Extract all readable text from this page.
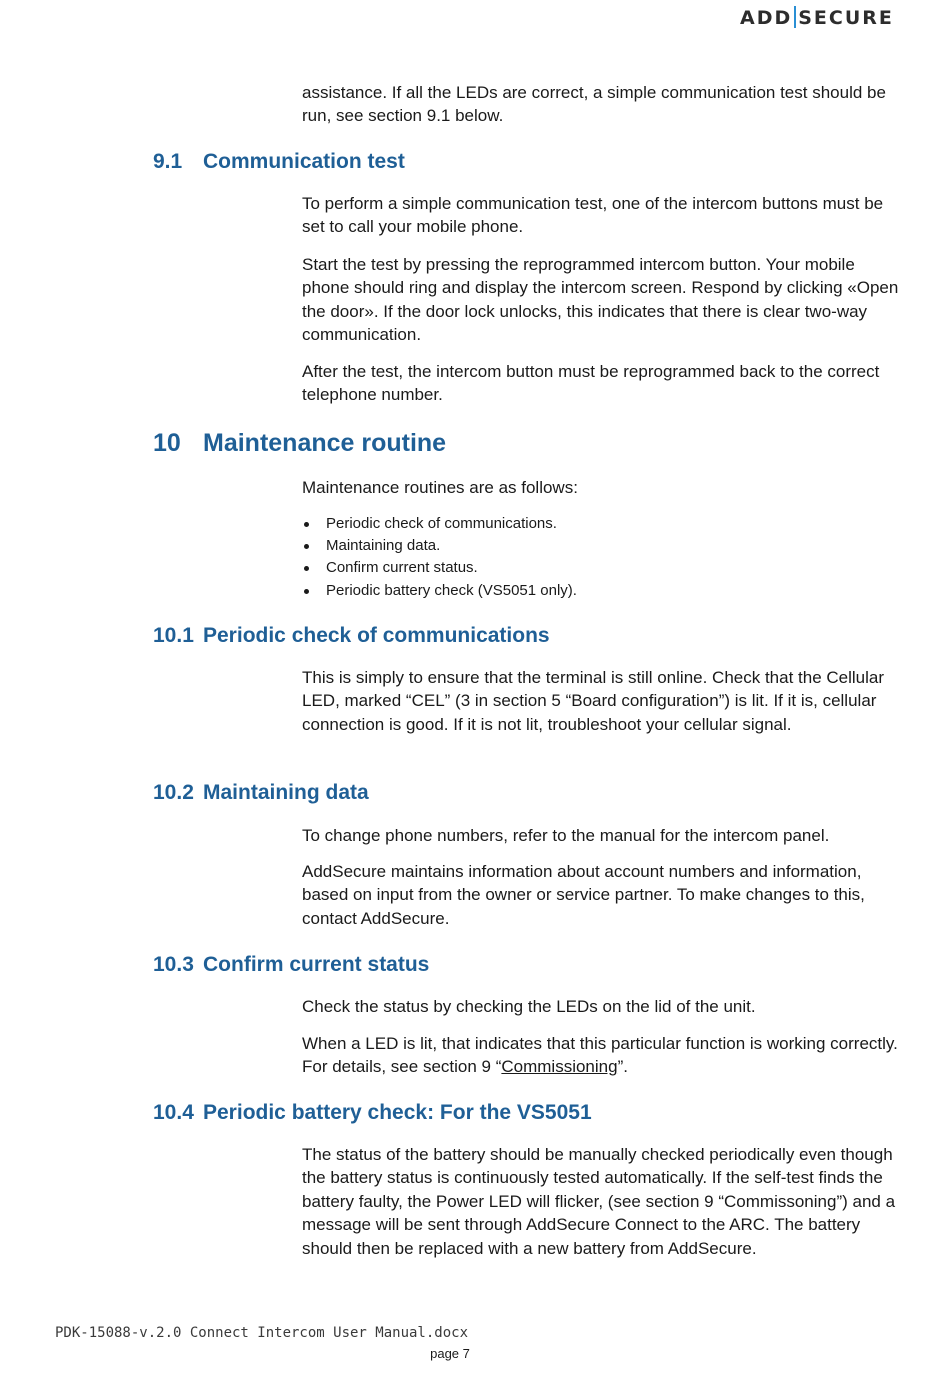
ADD SECURE
assistance. If all the LEDs are correct, a simple communication test should be run, see section 9.1 below.
9.1 Communication test
To perform a simple communication test, one of the intercom buttons must be set to call your mobile phone.
Start the test by pressing the reprogrammed intercom button. Your mobile phone should ring and display the intercom screen. Respond by clicking «Open the door». If the door lock unlocks, this indicates that there is clear two-way communication.
After the test, the intercom button must be reprogrammed back to the correct telephone number.
10 Maintenance routine
Maintenance routines are as follows:
Periodic check of communications.
Maintaining data.
Confirm current status.
Periodic battery check (VS5051 only).
10.1 Periodic check of communications
This is simply to ensure that the terminal is still online. Check that the Cellular LED, marked “CEL” (3 in section 5 “Board configuration”) is lit. If it is, cellular connection is good. If it is not lit, troubleshoot your cellular signal.
10.2 Maintaining data
To change phone numbers, refer to the manual for the intercom panel.
AddSecure maintains information about account numbers and information, based on input from the owner or service partner. To make changes to this, contact AddSecure.
10.3 Confirm current status
Check the status by checking the LEDs on the lid of the unit.
When a LED is lit, that indicates that this particular function is working correctly. For details, see section 9 “Commissioning”.
10.4 Periodic battery check: For the VS5051
The status of the battery should be manually checked periodically even though the battery status is continuously tested automatically. If the self-test finds the battery faulty, the Power LED will flicker, (see section 9 “Commissoning”) and a message will be sent through AddSecure Connect to the ARC. The battery should then be replaced with a new battery from AddSecure.
PDK-15088-v.2.0 Connect Intercom User Manual.docx
page 7
